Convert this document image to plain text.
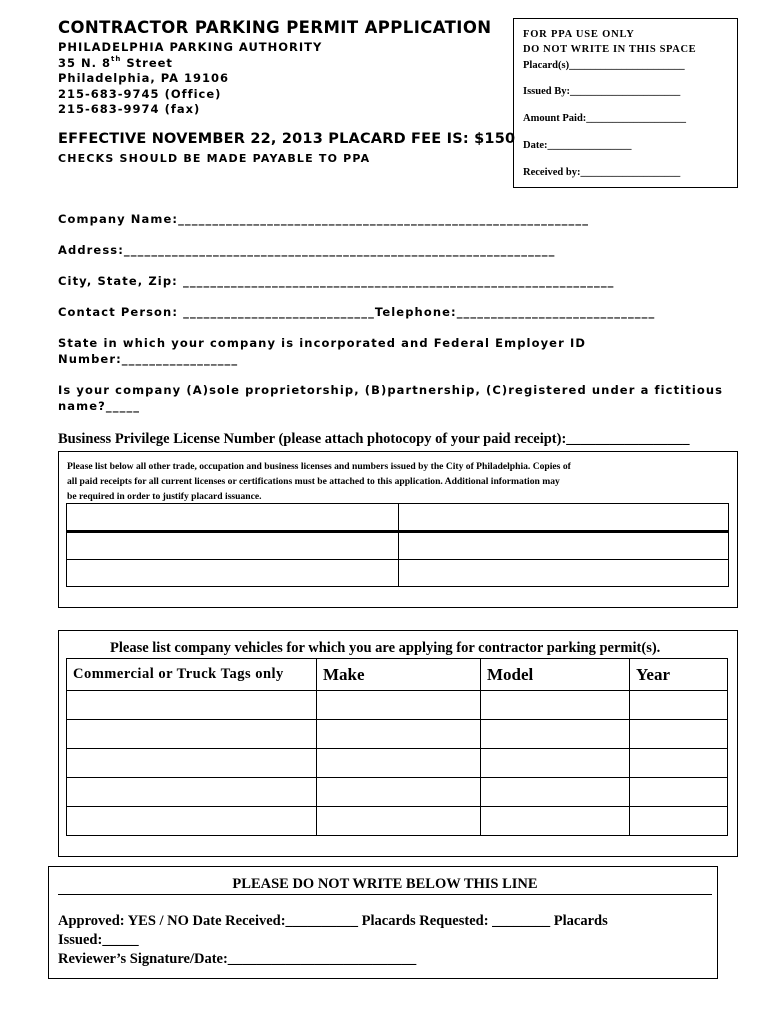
CONTRACTOR PARKING PERMIT APPLICATION
PHILADELPHIA PARKING AUTHORITY
35 N. 8th Street
Philadelphia, PA 19106
215-683-9745 (Office)
215-683-9974 (fax)
EFFECTIVE NOVEMBER 22, 2013 PLACARD FEE IS: $150
CHECKS SHOULD BE MADE PAYABLE TO PPA
FOR PPA USE ONLY
DO NOT WRITE IN THIS SPACE
Placard(s)______________________
Issued By:_____________________
Amount Paid:___________________
Date:________________
Received by:___________________
Company Name:____________________________________________________________
Address:_______________________________________________________________
City, State, Zip: _______________________________________________________________
Contact Person: ____________________________Telephone:_____________________________
State in which your company is incorporated and Federal Employer ID
Number:_________________
Is your company (A)sole proprietorship, (B)partnership, (C)registered under a fictitious
name?_____
Business Privilege License Number (please attach photocopy of your paid receipt):_________________
Please list below all other trade, occupation and business licenses and numbers issued by the City of Philadelphia. Copies of
all paid receipts for all current licenses or certifications must be attached to this application. Additional information may
be required in order to justify placard issuance.

Please list company vehicles for which you are applying for contractor parking permit(s).
Commercial or Truck Tags only	Make	Model	Year

PLEASE DO NOT WRITE BELOW THIS LINE
Approved: YES / NO Date Received:__________ Placards Requested: ________ Placards
Issued:_____
Reviewer’s Signature/Date:__________________________
